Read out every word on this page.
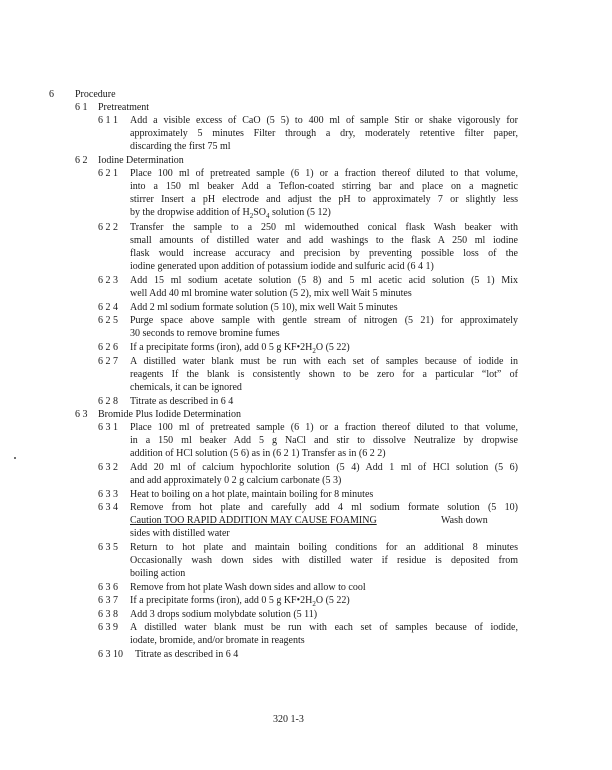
6 Procedure
6 1 Pretreatment
6 1 1 Add a visible excess of CaO (5 5) to 400 ml of sample Stir or shake vigorously for
approximately 5 minutes Filter through a dry, moderately retentive filter paper,
discarding the first 75 ml
6 2 Iodine Determination
6 2 1 Place 100 ml of pretreated sample (6 1) or a fraction thereof diluted to that volume,
into a 150 ml beaker Add a Teflon-coated stirring bar and place on a magnetic
stirrer Insert a pH electrode and adjust the pH to approximately 7 or slightly less
by the dropwise addition of $H_2SO_4$ solution (5 12)
6 2 2 Transfer the sample to a 250 ml widemouthed conical flask Wash beaker with
small amounts of distilled water and add washings to the flask A 250 ml iodine
flask would increase accuracy and precision by preventing possible loss of the
iodine generated upon addition of potassium iodide and sulfuric acid (6 4 1)
6 2 3 Add 15 ml sodium acetate solution (5 8) and 5 ml acetic acid solution (5 1) Mix
well Add 40 ml bromine water solution (5 2), mix well Wait 5 minutes
6 2 4 Add 2 ml sodium formate solution (5 10), mix well Wait 5 minutes
6 2 5 Purge space above sample with gentle stream of nitrogen (5 21) for approximately
30 seconds to remove bromine fumes
6 2 6 If a precipitate forms (iron), add 0 5 g $KF•2H_2O$ (5 22)
6 2 7 A distilled water blank must be run with each set of samples because of iodide in
reagents If the blank is consistently shown to be zero for a particular “lot” of
chemicals, it can be ignored
6 2 8 Titrate as described in 6 4
6 3 Bromide Plus Iodide Determination
6 3 1 Place 100 ml of pretreated sample (6 1) or a fraction thereof diluted to that volume,
in a 150 ml beaker Add 5 g NaCl and stir to dissolve Neutralize by dropwise
addition of HCl solution (5 6) as in (6 2 1) Transfer as in (6 2 2)
6 3 2 Add 20 ml of calcium hypochlorite solution (5 4) Add 1 ml of HCl solution (5 6)
and add approximately 0 2 g calcium carbonate (5 3)
6 3 3 Heat to boiling on a hot plate, maintain boiling for 8 minutes
6 3 4 Remove from hot plate and carefully add 4 ml sodium formate solution (5 10)
Caution TOO RAPID ADDITION MAY CAUSE FOAMING	Wash down
sides with distilled water
6 3 5 Return to hot plate and maintain boiling conditions for an additional 8 minutes
Occasionally wash down sides with distilled water if residue is deposited from
boiling action
6 3 6 Remove from hot plate Wash down sides and allow to cool
6 3 7 If a precipitate forms (iron), add 0 5 g $KF•2H_2O$ (5 22)
6 3 8 Add 3 drops sodium molybdate solution (5 11)
6 3 9 A distilled water blank must be run with each set of samples because of iodide,
iodate, bromide, and/or bromate in reagents
6 3 10 Titrate as described in 6 4
320 1-3
